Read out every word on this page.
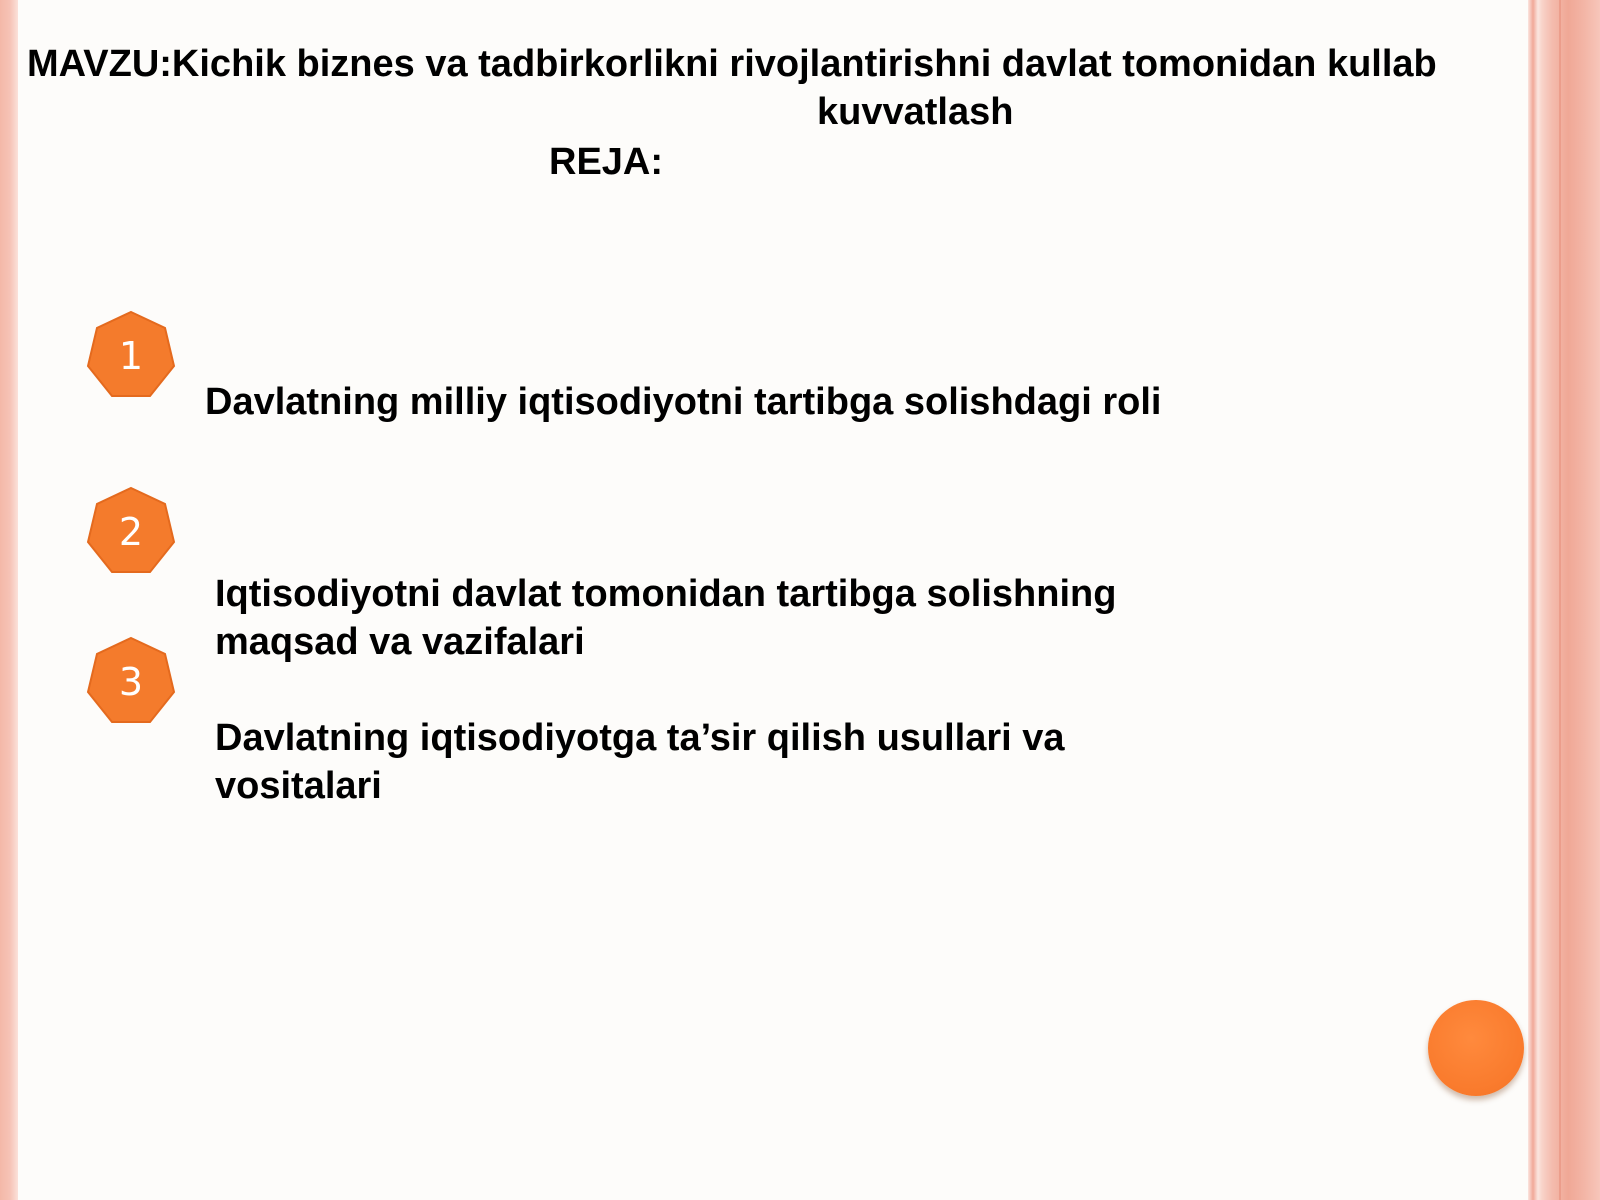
MAVZU:Kichik biznes va tadbirkorlikni rivojlantirishni davlat tomonidan kullab
kuvvatlash
REJA:
1
2
3
Davlatning milliy iqtisodiyotni tartibga solishdagi roli
Iqtisodiyotni davlat tomonidan tartibga solishning maqsad va vazifalari
Davlatning iqtisodiyotga ta’sir qilish usullari va vositalari
